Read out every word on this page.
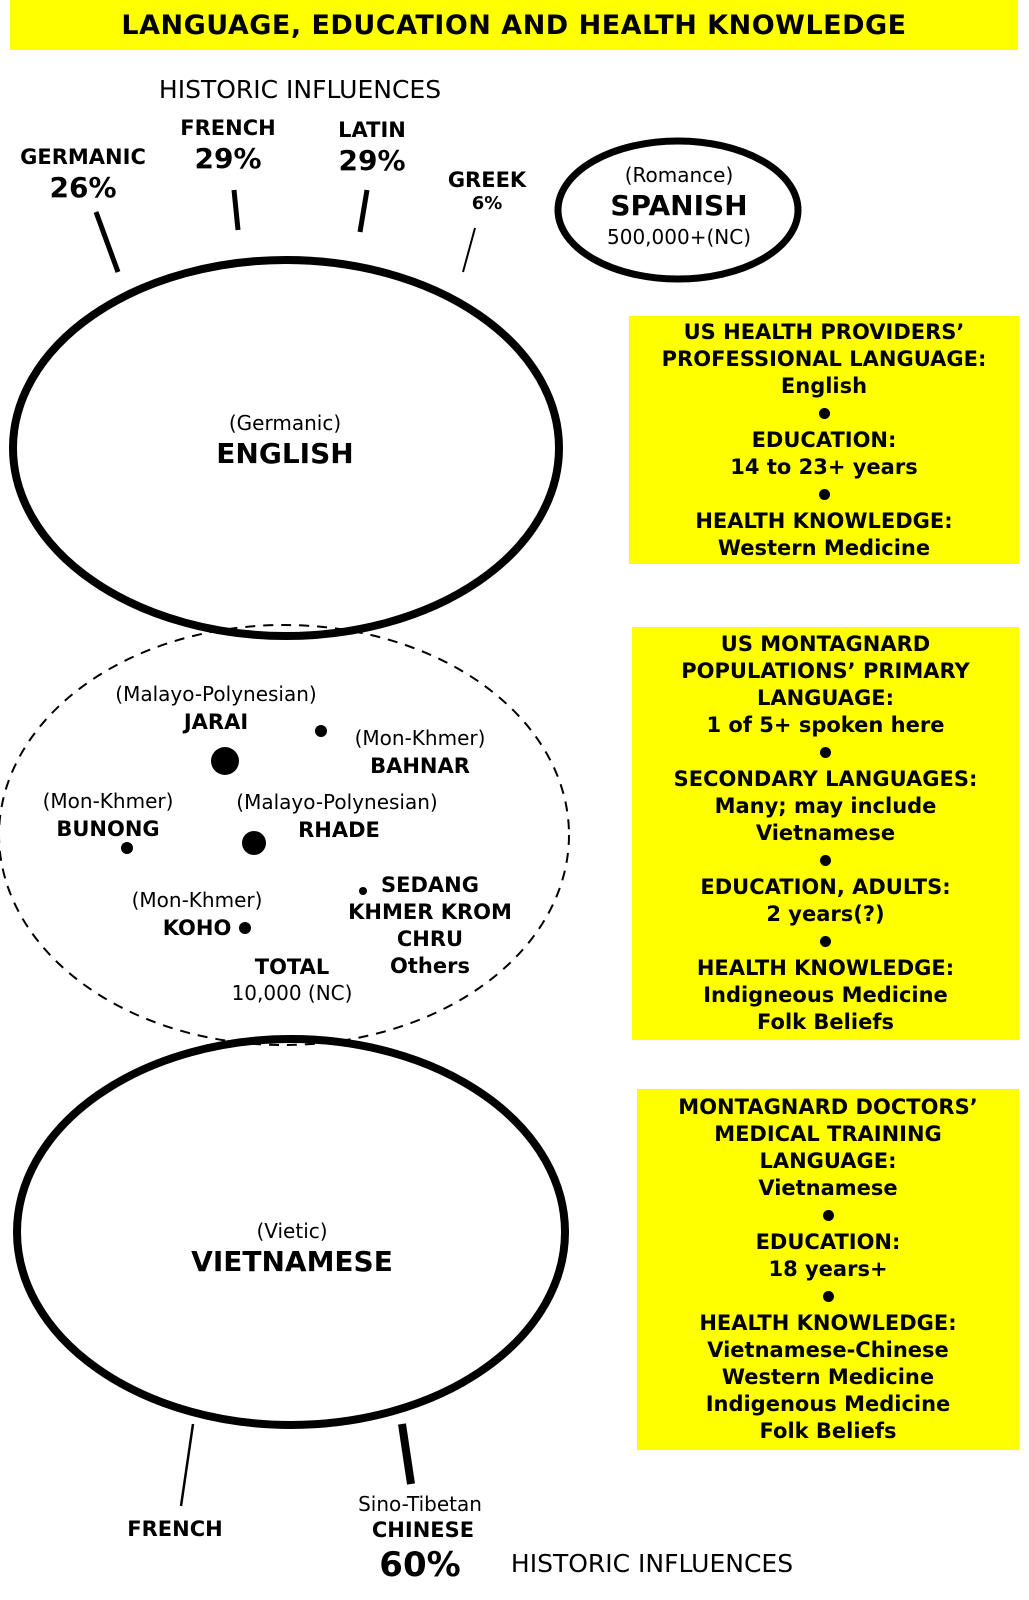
LANGUAGE, EDUCATION AND HEALTH KNOWLEDGE
HISTORIC INFLUENCES
GERMANIC
26%
FRENCH
29%
LATIN
29%
GREEK
6%
(Romance)
SPANISH
500,000+(NC)
(Germanic)
ENGLISH
(Malayo-Polynesian)
JARAI
(Mon-Khmer)
BAHNAR
(Mon-Khmer)
BUNONG
(Malayo-Polynesian)
RHADE
(Mon-Khmer)
KOHO
SEDANG
KHMER KROM
CHRU
Others
TOTAL
10,000 (NC)
(Vietic)
VIETNAMESE
FRENCH
Sino-Tibetan
CHINESE
60% HISTORIC INFLUENCES
US HEALTH PROVIDERS’
PROFESSIONAL LANGUAGE:
English
EDUCATION:
14 to 23+ years
HEALTH KNOWLEDGE:
Western Medicine
US MONTAGNARD
POPULATIONS’ PRIMARY
LANGUAGE:
1 of 5+ spoken here
SECONDARY LANGUAGES:
Many; may include
Vietnamese
EDUCATION, ADULTS:
2 years(?)
HEALTH KNOWLEDGE:
Indigneous Medicine
Folk Beliefs
MONTAGNARD DOCTORS’
MEDICAL TRAINING
LANGUAGE:
Vietnamese
EDUCATION:
18 years+
HEALTH KNOWLEDGE:
Vietnamese-Chinese
Western Medicine
Indigenous Medicine
Folk Beliefs
